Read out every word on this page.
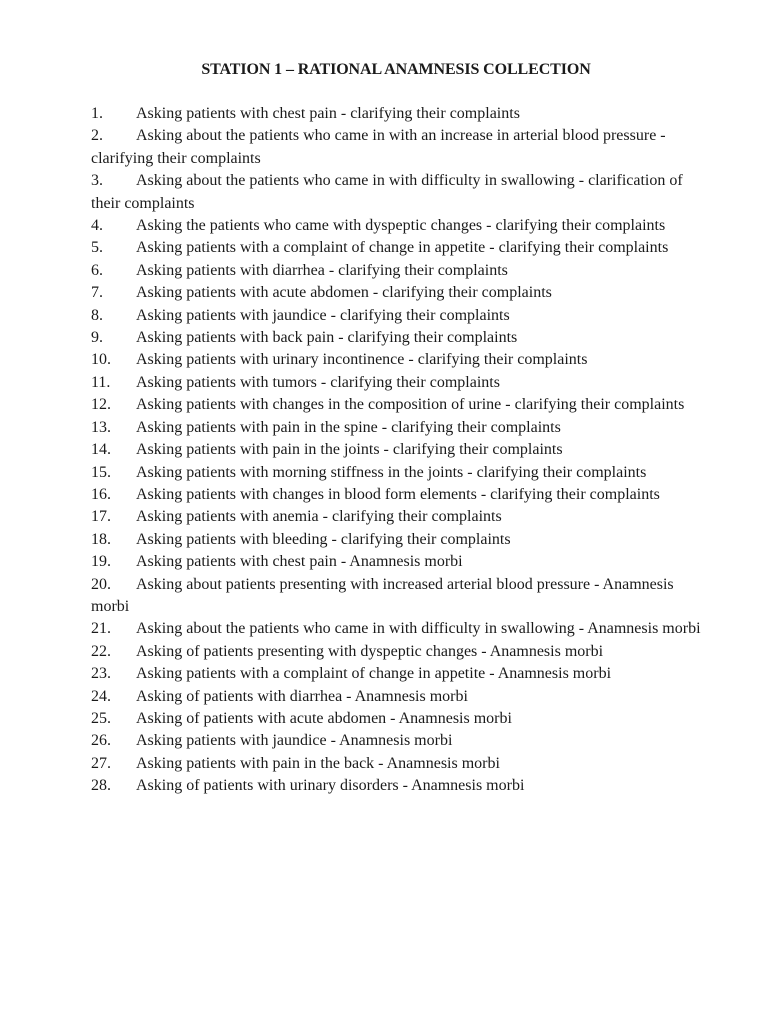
STATION 1 – RATIONAL ANAMNESIS COLLECTION
1. Asking patients with chest pain - clarifying their complaints
2. Asking about the patients who came in with an increase in arterial blood pressure - clarifying their complaints
3. Asking about the patients who came in with difficulty in swallowing - clarification of their complaints
4. Asking the patients who came with dyspeptic changes - clarifying their complaints
5. Asking patients with a complaint of change in appetite - clarifying their complaints
6. Asking patients with diarrhea - clarifying their complaints
7. Asking patients with acute abdomen - clarifying their complaints
8. Asking patients with jaundice - clarifying their complaints
9. Asking patients with back pain - clarifying their complaints
10. Asking patients with urinary incontinence - clarifying their complaints
11. Asking patients with tumors - clarifying their complaints
12. Asking patients with changes in the composition of urine - clarifying their complaints
13. Asking patients with pain in the spine - clarifying their complaints
14. Asking patients with pain in the joints - clarifying their complaints
15. Asking patients with morning stiffness in the joints - clarifying their complaints
16. Asking patients with changes in blood form elements - clarifying their complaints
17. Asking patients with anemia - clarifying their complaints
18. Asking patients with bleeding - clarifying their complaints
19. Asking patients with chest pain - Anamnesis morbi
20. Asking about patients presenting with increased arterial blood pressure - Anamnesis morbi
21. Asking about the patients who came in with difficulty in swallowing - Anamnesis morbi
22. Asking of patients presenting with dyspeptic changes - Anamnesis morbi
23. Asking patients with a complaint of change in appetite - Anamnesis morbi
24. Asking of patients with diarrhea - Anamnesis morbi
25. Asking of patients with acute abdomen - Anamnesis morbi
26. Asking patients with jaundice - Anamnesis morbi
27. Asking patients with pain in the back - Anamnesis morbi
28. Asking of patients with urinary disorders - Anamnesis morbi
